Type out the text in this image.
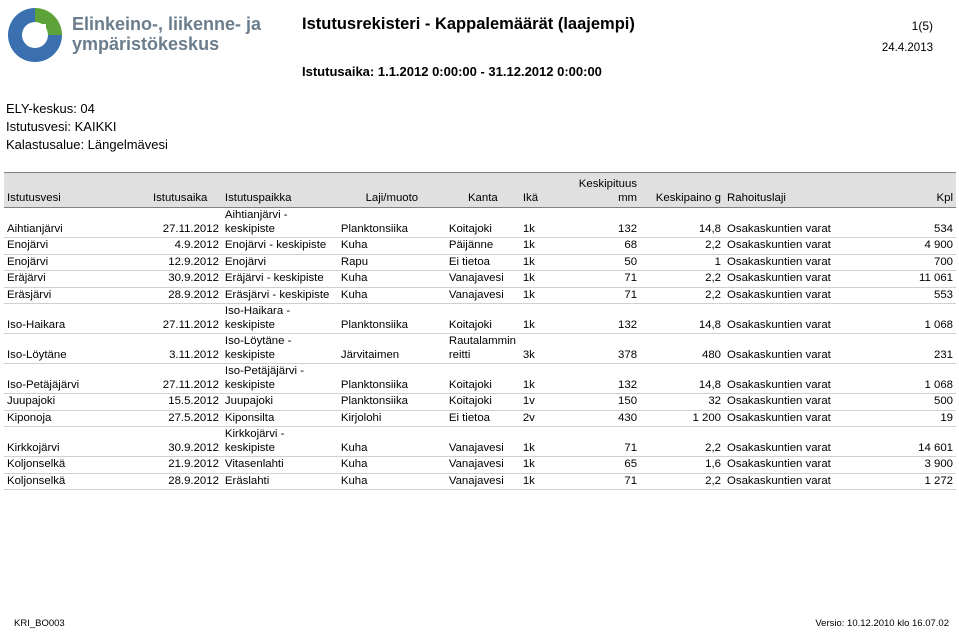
Elinkeino-, liikenne- ja
ympäristökeskus
Istutusrekisteri - Kappalemäärät (laajempi)	1(5)
24.4.2013
Istutusaika: 1.1.2012 0:00:00 - 31.12.2012 0:00:00
ELY-keskus: 04
Istutusvesi: KAIKKI
Kalastusalue: Längelmävesi
Istutusvesi	Istutusaika	Istutuspaikka	Laji/muoto	Kanta	Ikä	Keskipituus mm	Keskipaino g	Rahoituslaji	Kpl
Aihtianjärvi	27.11.2012	Aihtianjärvi - keskipiste	Planktonsiika	Koitajoki	1k	132	14,8	Osakaskuntien varat	534
Enojärvi	4.9.2012	Enojärvi - keskipiste	Kuha	Päijänne	1k	68	2,2	Osakaskuntien varat	4 900
Enojärvi	12.9.2012	Enojärvi	Rapu	Ei tietoa	1k	50	1	Osakaskuntien varat	700
Eräjärvi	30.9.2012	Eräjärvi - keskipiste	Kuha	Vanajavesi	1k	71	2,2	Osakaskuntien varat	11 061
Eräsjärvi	28.9.2012	Eräsjärvi - keskipiste	Kuha	Vanajavesi	1k	71	2,2	Osakaskuntien varat	553
Iso-Haikara	27.11.2012	Iso-Haikara - keskipiste	Planktonsiika	Koitajoki	1k	132	14,8	Osakaskuntien varat	1 068
Iso-Löytäne	3.11.2012	Iso-Löytäne - keskipiste	Järvitaimen	Rautalammin reitti	3k	378	480	Osakaskuntien varat	231
Iso-Petäjäjärvi	27.11.2012	Iso-Petäjäjärvi - keskipiste	Planktonsiika	Koitajoki	1k	132	14,8	Osakaskuntien varat	1 068
Juupajoki	15.5.2012	Juupajoki	Planktonsiika	Koitajoki	1v	150	32	Osakaskuntien varat	500
Kiponoja	27.5.2012	Kiponsilta	Kirjolohi	Ei tietoa	2v	430	1 200	Osakaskuntien varat	19
Kirkkojärvi	30.9.2012	Kirkkojärvi - keskipiste	Kuha	Vanajavesi	1k	71	2,2	Osakaskuntien varat	14 601
Koljonselkä	21.9.2012	Vitasenlahti	Kuha	Vanajavesi	1k	65	1,6	Osakaskuntien varat	3 900
Koljonselkä	28.9.2012	Eräslahti	Kuha	Vanajavesi	1k	71	2,2	Osakaskuntien varat	1 272
KRI_BO003	Versio: 10.12.2010 klo 16.07.02
